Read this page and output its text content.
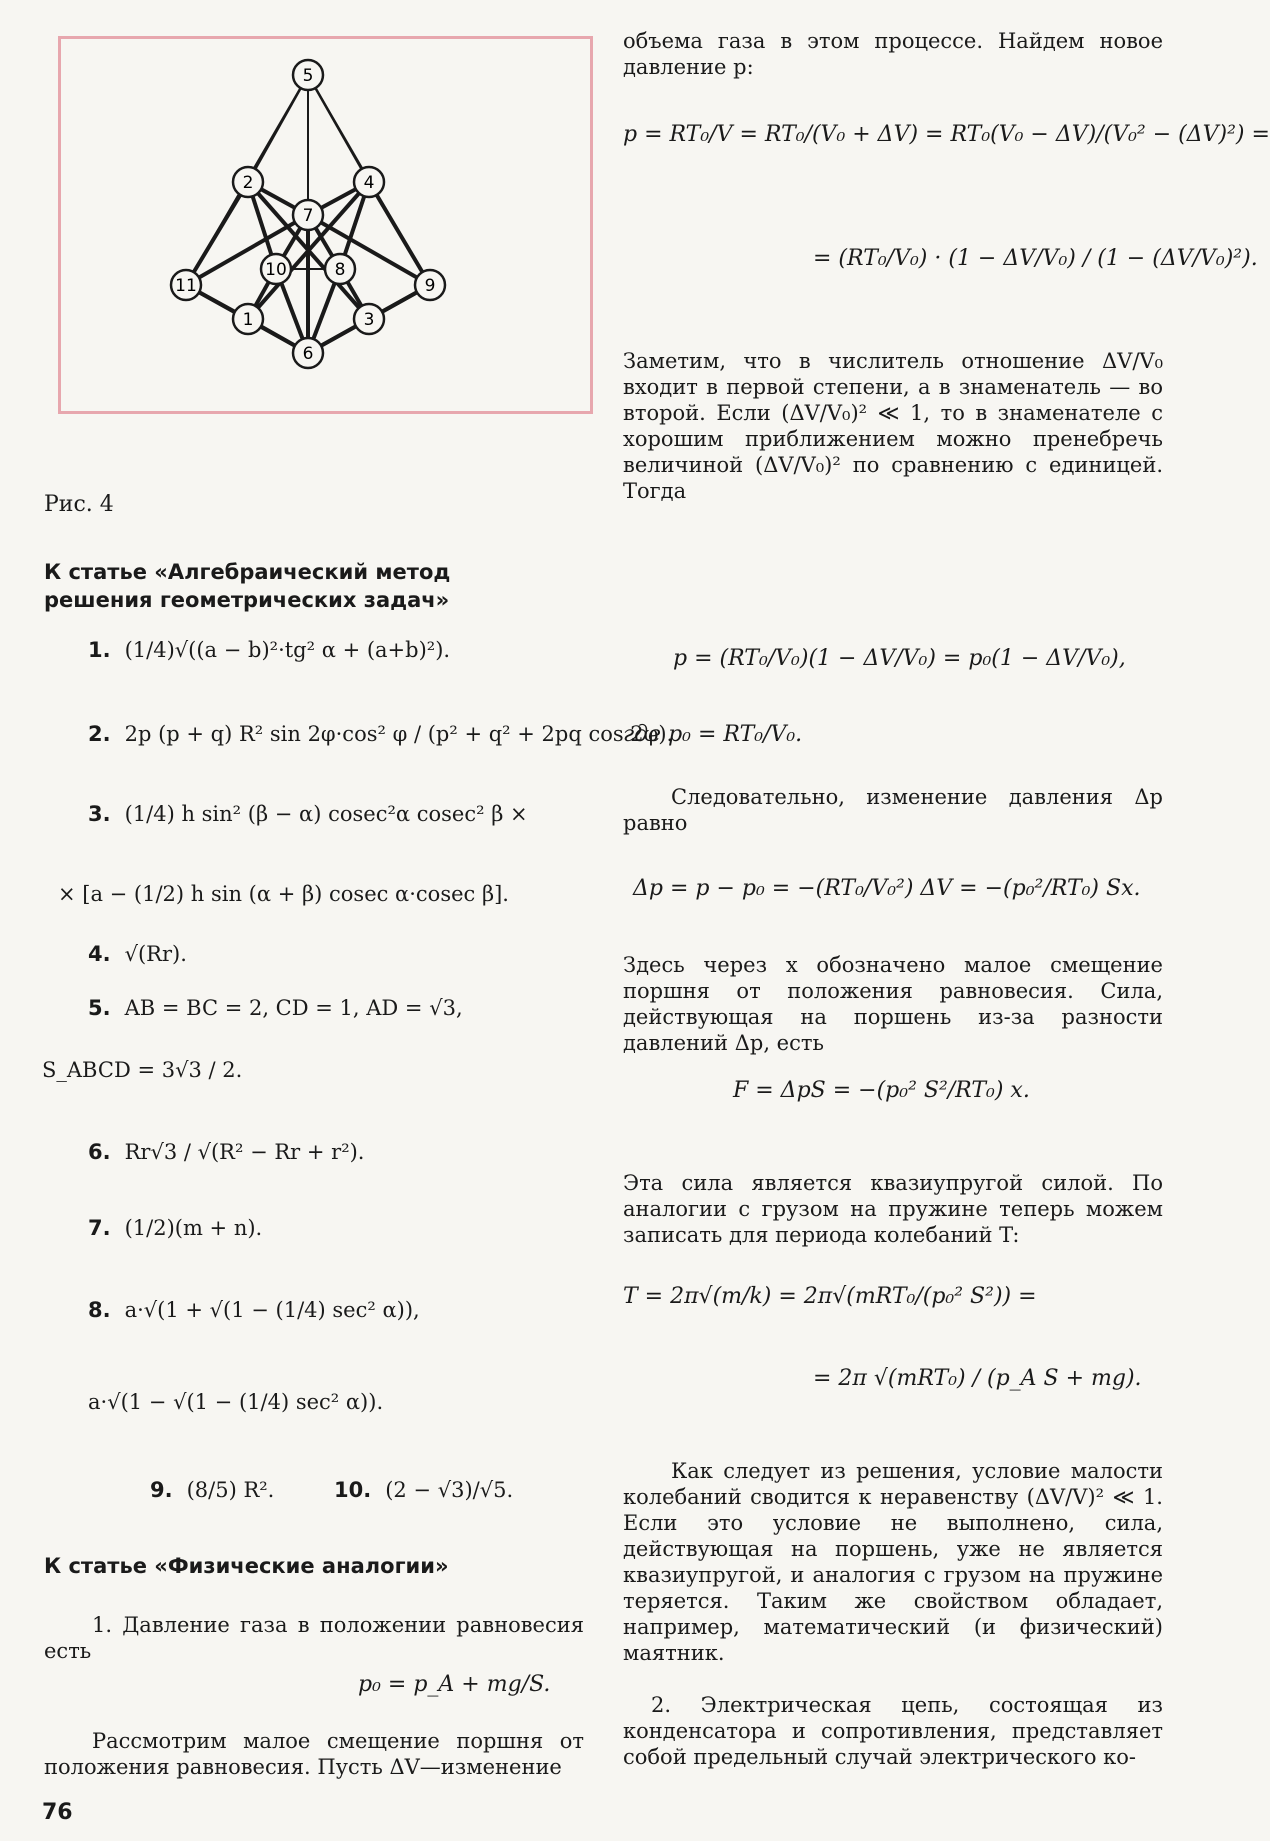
5
2	4
7
10	8
11	9
1	3
6
Рис. 4
К статье «Алгебраический метод решения геометрических задач»
1. (1/4)√((a − b)²·tg² α + (a+b)²).
2. 2p (p + q) R² sin 2φ·cos² φ / (p² + q² + 2pq cos 2φ).
3. (1/4) h sin² (β − α) cosec²α cosec² β ×
× [a − (1/2) h sin (α + β) cosec α·cosec β].
4. √(Rr).
5. AB = BC = 2, CD = 1, AD = √3,
S_ABCD = 3√3 / 2.
6. Rr√3 / √(R² − Rr + r²).
7. (1/2)(m + n).
8. a·√(1 + √(1 − (1/4) sec² α)),
a·√(1 − √(1 − (1/4) sec² α)).
9. (8/5) R².	10. (2 − √3)/√5.
К статье «Физические аналогии»
1. Давление газа в положении равновесия есть
p₀ = p_A + mg/S.
Рассмотрим малое смещение поршня от положения равновесия. Пусть ΔV—изменение
объема газа в этом процессе. Найдем новое давление p:
p = RT₀/V = RT₀/(V₀ + ΔV) = RT₀(V₀ − ΔV)/(V₀² − (ΔV)²) =
= (RT₀/V₀) · (1 − ΔV/V₀) / (1 − (ΔV/V₀)²).
Заметим, что в числитель отношение ΔV/V₀ входит в первой степени, а в знаменатель — во второй. Если (ΔV/V₀)² ≪ 1, то в знаменателе с хорошим приближением можно пренебречь величиной (ΔV/V₀)² по сравнению с единицей. Тогда
p = (RT₀/V₀)(1 − ΔV/V₀) = p₀(1 − ΔV/V₀),
где p₀ = RT₀/V₀.
Следовательно, изменение давления Δp равно
Δp = p − p₀ = −(RT₀/V₀²) ΔV = −(p₀²/RT₀) Sx.
Здесь через x обозначено малое смещение поршня от положения равновесия. Сила, действующая на поршень из-за разности давлений Δp, есть
F = ΔpS = −(p₀² S²/RT₀) x.
Эта сила является квазиупругой силой. По аналогии с грузом на пружине теперь можем записать для периода колебаний T:
T = 2π√(m/k) = 2π√(mRT₀/(p₀² S²)) =
= 2π √(mRT₀) / (p_A S + mg).
Как следует из решения, условие малости колебаний сводится к неравенству (ΔV/V)² ≪ 1. Если это условие не выполнено, сила, действующая на поршень, уже не является квазиупругой, и аналогия с грузом на пружине теряется. Таким же свойством обладает, например, математический (и физический) маятник.
2. Электрическая цепь, состоящая из конденсатора и сопротивления, представляет собой предельный случай электрического ко-
76
